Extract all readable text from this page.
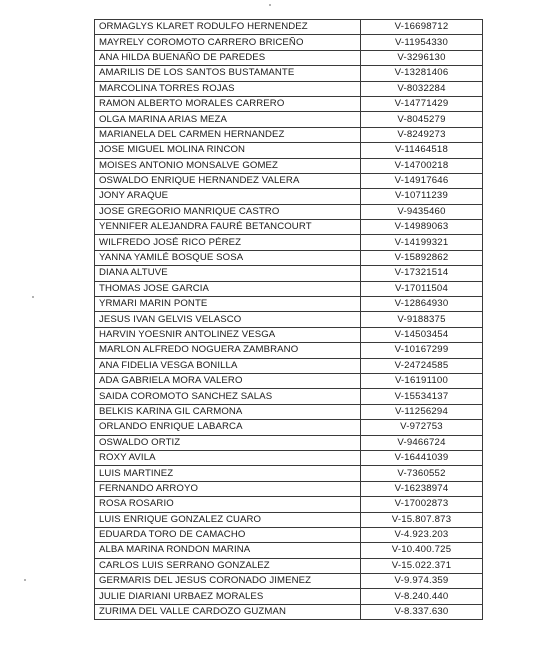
ORMAGLYS KLARET RODULFO HERNENDEZ	V-16698712
MAYRELY COROMOTO CARRERO BRICEÑO	V-11954330
ANA HILDA BUENAÑO DE PAREDES	V-3296130
AMARILIS DE LOS SANTOS BUSTAMANTE	V-13281406
MARCOLINA TORRES ROJAS	V-8032284
RAMON ALBERTO MORALES CARRERO	V-14771429
OLGA MARINA ARIAS MEZA	V-8045279
MARIANELA DEL CARMEN HERNANDEZ	V-8249273
JOSE MIGUEL MOLINA RINCON	V-11464518
MOISES ANTONIO MONSALVE GOMEZ	V-14700218
OSWALDO ENRIQUE HERNANDEZ VALERA	V-14917646
JONY ARAQUE	V-10711239
JOSE GREGORIO MANRIQUE CASTRO	V-9435460
YENNIFER ALEJANDRA FAURÉ BETANCOURT	V-14989063
WILFREDO JOSÉ RICO PÉREZ	V-14199321
YANNA YAMILÉ BOSQUE SOSA	V-15892862
DIANA ALTUVE	V-17321514
THOMAS JOSE GARCIA	V-17011504
YRMARI MARIN PONTE	V-12864930
JESUS IVAN GELVIS VELASCO	V-9188375
HARVIN YOESNIR ANTOLINEZ VESGA	V-14503454
MARLON ALFREDO NOGUERA ZAMBRANO	V-10167299
ANA FIDELIA VESGA BONILLA	V-24724585
ADA GABRIELA MORA VALERO	V-16191100
SAIDA COROMOTO SANCHEZ SALAS	V-15534137
BELKIS KARINA GIL CARMONA	V-11256294
ORLANDO ENRIQUE LABARCA	V-972753
OSWALDO ORTIZ	V-9466724
ROXY AVILA	V-16441039
LUIS MARTINEZ	V-7360552
FERNANDO ARROYO	V-16238974
ROSA ROSARIO	V-17002873
LUIS ENRIQUE GONZALEZ CUARO	V-15.807.873
EDUARDA TORO DE CAMACHO	V-4.923.203
ALBA MARINA RONDON MARINA	V-10.400.725
CARLOS LUIS SERRANO GONZALEZ	V-15.022.371
GERMARIS DEL JESUS CORONADO JIMENEZ	V-9.974.359
JULIE DIARIANI URBAEZ MORALES	V-8.240.440
ZURIMA DEL VALLE CARDOZO GUZMAN	V-8.337.630
